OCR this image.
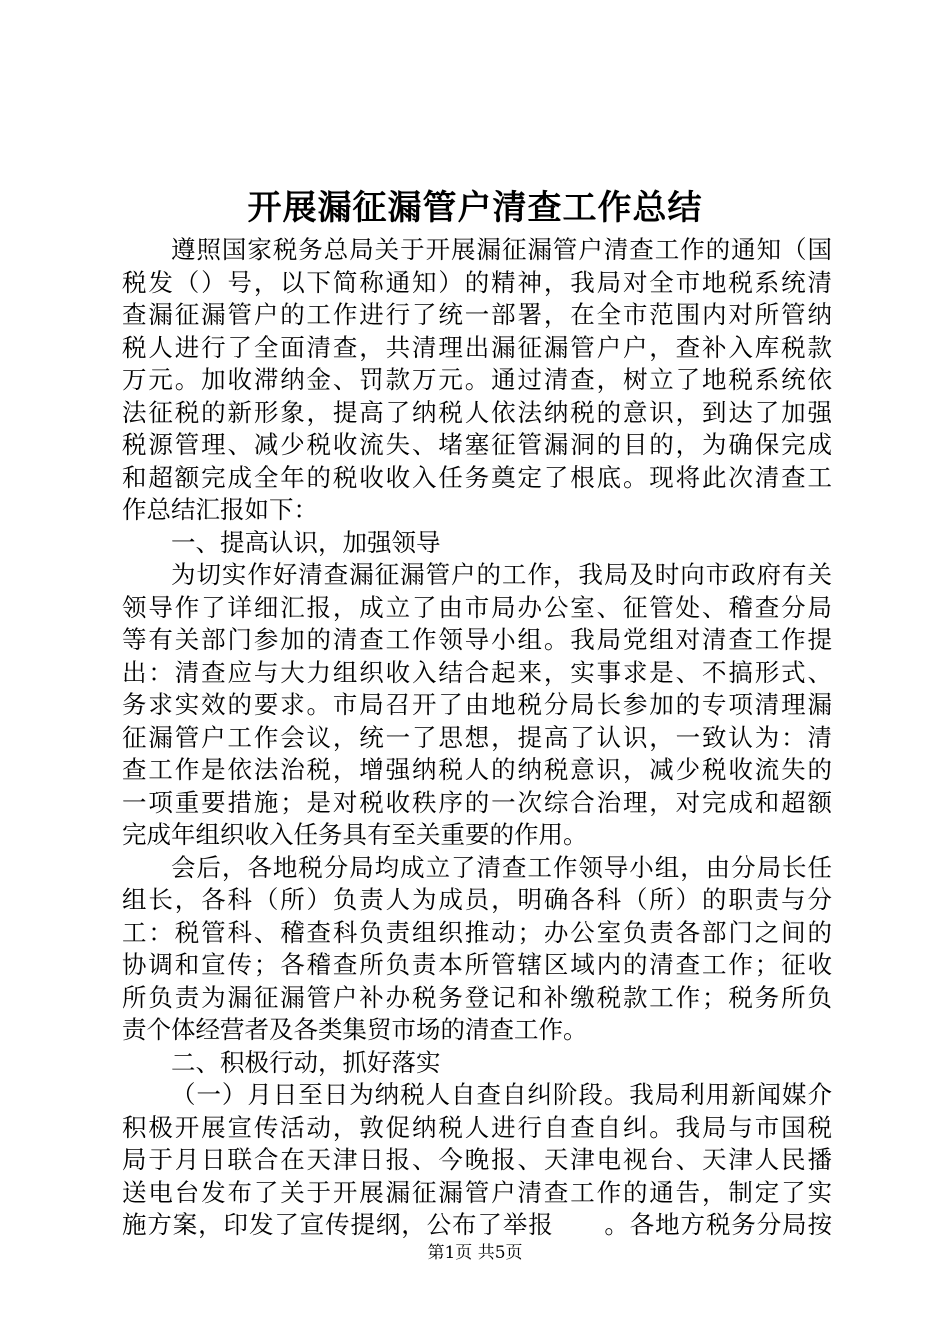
开展漏征漏管户清查工作总结
遵照国家税务总局关于开展漏征漏管户清查工作的通知（国
税发（）号，以下简称通知）的精神，我局对全市地税系统清
查漏征漏管户的工作进行了统一部署，在全市范围内对所管纳
税人进行了全面清查，共清理出漏征漏管户户，查补入库税款
万元。加收滞纳金、罚款万元。通过清查，树立了地税系统依
法征税的新形象，提高了纳税人依法纳税的意识，到达了加强
税源管理、减少税收流失、堵塞征管漏洞的目的，为确保完成
和超额完成全年的税收收入任务奠定了根底。现将此次清查工
作总结汇报如下：
一、提高认识，加强领导
为切实作好清查漏征漏管户的工作，我局及时向市政府有关
领导作了详细汇报，成立了由市局办公室、征管处、稽查分局
等有关部门参加的清查工作领导小组。我局党组对清查工作提
出：清查应与大力组织收入结合起来，实事求是、不搞形式、
务求实效的要求。市局召开了由地税分局长参加的专项清理漏
征漏管户工作会议，统一了思想，提高了认识，一致认为：清
查工作是依法治税，增强纳税人的纳税意识，减少税收流失的
一项重要措施；是对税收秩序的一次综合治理，对完成和超额
完成年组织收入任务具有至关重要的作用。
会后，各地税分局均成立了清查工作领导小组，由分局长任
组长，各科（所）负责人为成员，明确各科（所）的职责与分
工：税管科、稽查科负责组织推动；办公室负责各部门之间的
协调和宣传；各稽查所负责本所管辖区域内的清查工作；征收
所负责为漏征漏管户补办税务登记和补缴税款工作；税务所负
责个体经营者及各类集贸市场的清查工作。
二、积极行动，抓好落实
（一）月日至日为纳税人自查自纠阶段。我局利用新闻媒介
积极开展宣传活动，敦促纳税人进行自查自纠。我局与市国税
局于月日联合在天津日报、今晚报、天津电视台、天津人民播
送电台发布了关于开展漏征漏管户清查工作的通告，制定了实
施方案，印发了宣传提纲，公布了举报　　。各地方税务分局按
第1页 共5页
